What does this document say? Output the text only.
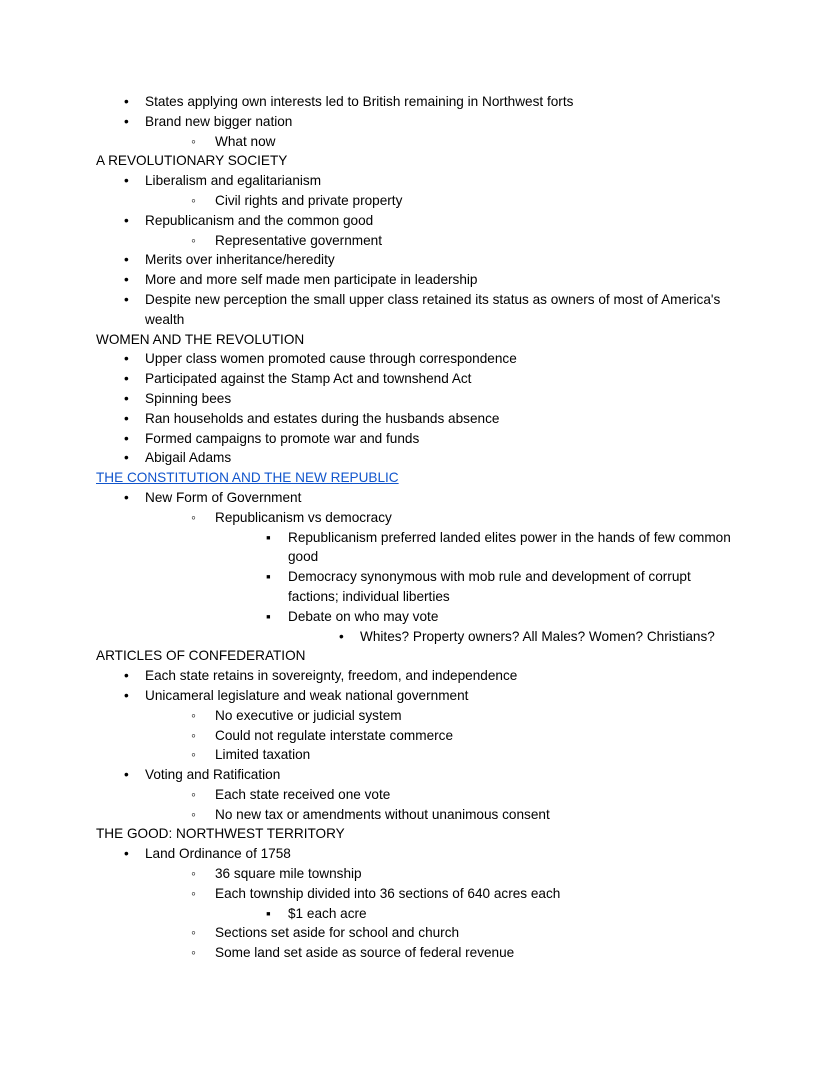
• States applying own interests led to British remaining in Northwest forts
• Brand new bigger nation
◦ What now
A REVOLUTIONARY SOCIETY
• Liberalism and egalitarianism
◦ Civil rights and private property
• Republicanism and the common good
◦ Representative government
• Merits over inheritance/heredity
• More and more self made men participate in leadership
• Despite new perception the small upper class retained its status as owners of most of America's wealth
WOMEN AND THE REVOLUTION
• Upper class women promoted cause through correspondence
• Participated against the Stamp Act and townshend Act
• Spinning bees
• Ran households and estates during the husbands absence
• Formed campaigns to promote war and funds
• Abigail Adams
THE CONSTITUTION AND THE NEW REPUBLIC
• New Form of Government
◦ Republicanism vs democracy
▪ Republicanism preferred landed elites power in the hands of few common good
▪ Democracy synonymous with mob rule and development of corrupt factions; individual liberties
▪ Debate on who may vote
• Whites? Property owners? All Males? Women? Christians?
ARTICLES OF CONFEDERATION
• Each state retains in sovereignty, freedom, and independence
• Unicameral legislature and weak national government
◦ No executive or judicial system
◦ Could not regulate interstate commerce
◦ Limited taxation
• Voting and Ratification
◦ Each state received one vote
◦ No new tax or amendments without unanimous consent
THE GOOD: NORTHWEST TERRITORY
• Land Ordinance of 1758
◦ 36 square mile township
◦ Each township divided into 36 sections of 640 acres each
▪ $1 each acre
◦ Sections set aside for school and church
◦ Some land set aside as source of federal revenue
